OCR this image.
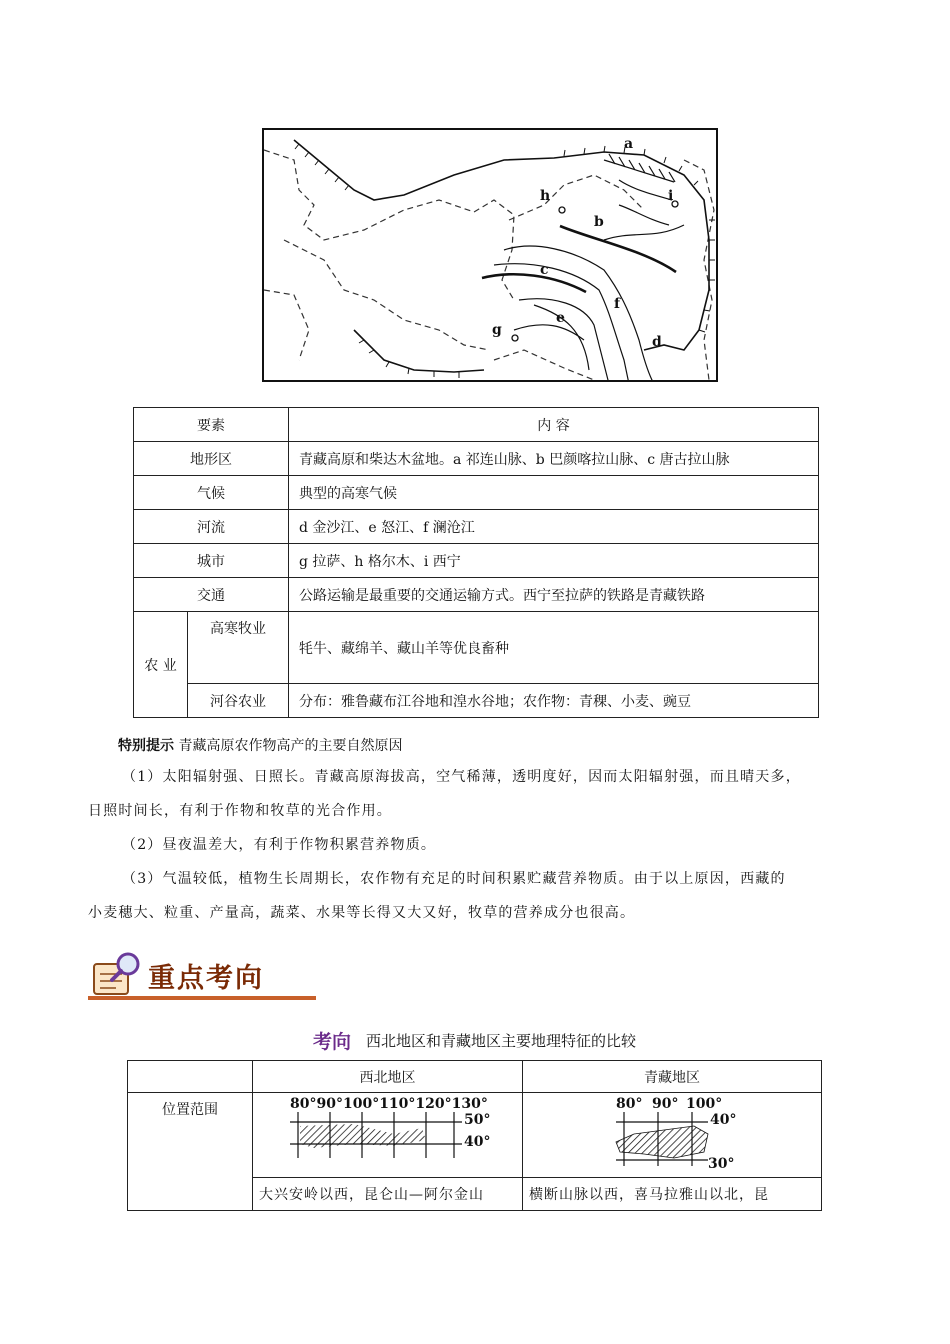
a
h	i
b
c
f
e
g
d
要素		内 容
地形区		青藏高原和柴达木盆地。a 祁连山脉、b 巴颜喀拉山脉、c 唐古拉山脉
气候		典型的高寒气候
河流		d 金沙江、e 怒江、f 澜沧江
城市		g 拉萨、h 格尔木、i 西宁
交通		公路运输是最重要的交通运输方式。西宁至拉萨的铁路是青藏铁路
农 业	高寒牧业	牦牛、藏绵羊、藏山羊等优良畜种
	河谷农业	分布：雅鲁藏布江谷地和湟水谷地；农作物：青稞、小麦、豌豆
特别提示 青藏高原农作物高产的主要自然原因

（1）太阳辐射强、日照长。青藏高原海拔高，空气稀薄，透明度好，因而太阳辐射强，而且晴天多，

日照时间长，有利于作物和牧草的光合作用。

（2）昼夜温差大，有利于作物积累营养物质。

（3）气温较低，植物生长周期长，农作物有充足的时间积累贮藏营养物质。由于以上原因，西藏的

小麦穗大、粒重、产量高，蔬菜、水果等长得又大又好，牧草的营养成分也很高。

重点考向
考向 西北地区和青藏地区主要地理特征的比较
	西北地区	青藏地区
位置范围	80°90°100°110°120°130°
50°
40°	80° 90° 100°
40°
30°

	大兴安岭以西，昆仑山—阿尔金山	横断山脉以西，喜马拉雅山以北，昆
